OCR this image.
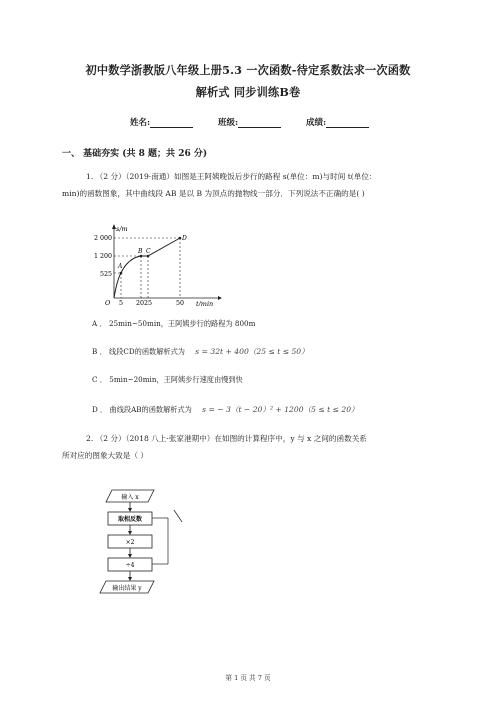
初中数学浙教版八年级上册5.3 一次函数-待定系数法求一次函数
解析式 同步训练B卷
姓名:	班级:	成绩:
一、 基础夯实 (共 8 题；共 26 分)
1. （2 分）（2019·南通）如图是王阿姨晚饭后步行的路程 s(单位：m)与时间 t(单位：
min)的函数图象，其中曲线段 AB 是以 B 为顶点的抛物线一部分．下列说法不正确的是( )
s/m
t/min
O
A
B C
D
2 000
1 200
525
5 20 25	50
A ． 25min~50min，王阿姨步行的路程为 800m
B ． 线段CD的函数解析式为 s = 32t + 400（25 ≤ t ≤ 50）
C ． 5min~20min，王阿姨步行速度由慢到快
D ． 曲线段AB的函数解析式为 s = − 3（t − 20）² + 1200（5 ≤ t ≤ 20）
2. （2 分）（2018 八上·张家港期中）在如图的计算程序中，y 与 x 之间的函数关系
所对应的图象大致是（ ）
输入 x
取相反数
×2
÷4
输出结果 y
第 1 页 共 7 页
